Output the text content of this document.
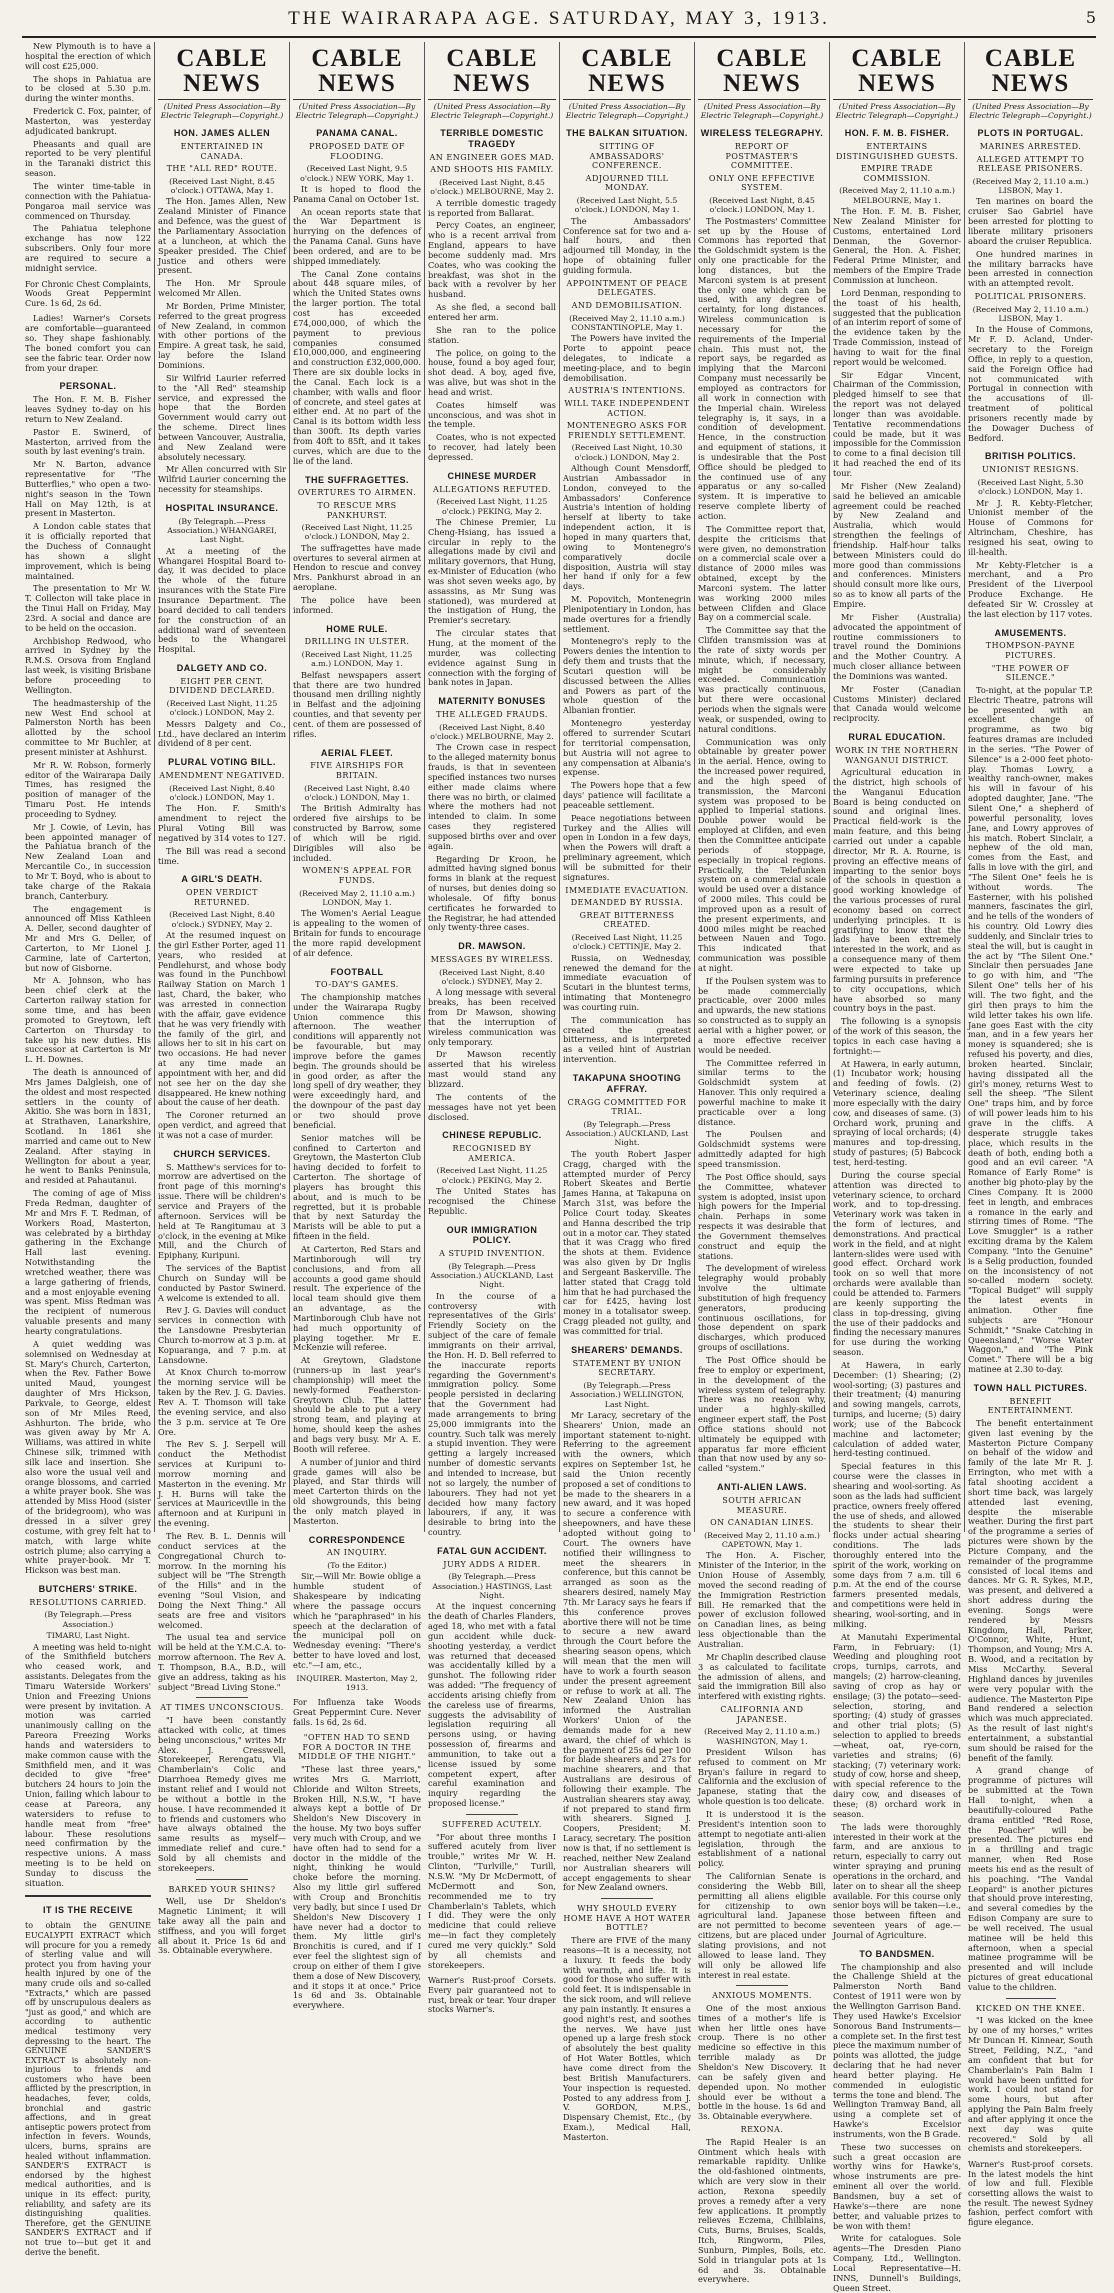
THE WAIRARAPA AGE. SATURDAY, MAY 3, 1913.	5

New Plymouth is to have a hospital the erection of which will cost £25,000.

The shops in Pahiatua are to be closed at 5.30 p.m. during the winter months.

Frederick C. Fox, painter, of Masterton, was yesterday adjudicated bankrupt.

Pheasants and quail are reported to be very plentiful in the Taranaki district this season.

The winter time-table in connection with the Pahiatua-Pongaroa mail service was commenced on Thursday.

The Pahiatua telephone exchange has now 122 subscribers. Only four more are required to secure a midnight service.

For Chronic Chest Complaints, Woods Great Peppermint Cure. 1s 6d, 2s 6d.

Ladies! Warner's Corsets are comfortable—guaranteed so. They shape fashionably. The boned comfort you can see the fabric tear. Order now from your draper.

PERSONAL.

The Hon. F. M. B. Fisher leaves Sydney to-day on his return to New Zealand.

Pastor E. Swinerd, of Masterton, arrived from the south by last evening's train.

Mr N. Barton, advance representative for "The Butterflies," who open a two-night's season in the Town Hall on May 12th, is at present in Masterton.

A London cable states that it is officially reported that the Duchess of Connaught has shown a slight improvement, which is being maintained.

The presentation to Mr W. T. Collecton will take place in the Tinui Hall on Friday, May 23rd. A social and dance are to be held on the occasion.

Archbishop Redwood, who arrived in Sydney by the R.M.S. Orsova from England last week, is visiting Brisbane before proceeding to Wellington.

The headmastership of the new West End school at Palmerston North has been allotted by the school committee to Mr Buchler, at present minister at Ashhurst.

Mr R. W. Robson, formerly editor of the Wairarapa Daily Times, has resigned the position of manager of the Timaru Post. He intends proceeding to Sydney.

Mr J. Cowie, of Levin, has been appointed manager of the Pahiatua branch of the New Zealand Loan and Mercantile Co., in succession to Mr T. Boyd, who is about to take charge of the Rakaia branch, Canterbury.

The engagement is announced off Miss Kathleen A. Deller, second daughter of Mr and Mrs G. Deller, of Carterton, to Mr Lionel J. Carmine, late of Carterton, but now of Gisborne.

Mr A. Johnson, who has been chief clerk at the Carterton railway station for some time, and has been promoted to Greytown, left Carterton on Thursday to take up his new duties. His successor at Carterton is Mr L. H. Downes.

The death is announced of Mrs James Dalgleish, one of the oldest and most respected settlers in the county of Akitio. She was born in 1831, at Strathaven, Lanarkshire, Scotland. In 1861 she married and came out to New Zealand. After staying in Wellington for about a year, he went to Banks Peninsula, and resided at Pahautanui.

The coming of age of Miss Freda Redman, daughter of Mr and Mrs F. T. Redman, of Workers Road, Masterton, was celebrated by a birthday gathering in the Exchange Hall last evening. Notwithstanding the wretched weather, there was a large gathering of friends, and a most enjoyable evening was spent. Miss Redman was the recipient of numerous valuable presents and many hearty congratulations.

A quiet wedding was solemnised on Wednesday at St. Mary's Church, Carterton, when the Rev. Father Bowe united Maud, youngest daughter of Mrs Hickson, Parkvale, to George, eldest son of Mr Miles Reed, Ashhurton. The bride, who was given away by Mr A. Williams, was attired in white Chinese silk, trimmed with silk lace and insertion. She also wore the usual veil and orange blossoms, and carried a white prayer book. She was attended by Miss Hood (sister of the bridegroom), who was dressed in a silver grey costume, with grey felt hat to match, with large white ostrich plume; also carrying a white prayer-book. Mr T. Hickson was best man.

BUTCHERS' STRIKE.
RESOLUTIONS CARRIED.
(By Telegraph.—Press Association.)
TIMARU, Last Night.

A meeting was held to-night of the Smithfield butchers who ceased work, and assistants. Delegates from the Timaru Waterside Workers' Union and Freezing Unions were present by invitation. A motion was carried unanimously calling on the Pareora Freezing Works hands and watersiders to make common cause with the Smithfield men, and it was decided to give "free" butchers 24 hours to join the Union, failing which labour to cease at Pareora, any watersiders to refuse to handle meat from "free" labour. These resolutions need confirmation by the respective unions. A mass meeting is to be held on Sunday to discuss the situation.

IT IS THE RECEIVE
to obtain the GENUINE EUCALYPTI EXTRACT which will procure for you a remedy of sterling value and will protect you from having your health injured by one of the many crude oils and so-called "Extracts," which are passed off by unscrupulous dealers as "just as good," and which are according to authentic medical testimony very depressing to the heart. The GENUINE SANDER'S EXTRACT is absolutely non-injurious to friends and customers who have been afflicted by the prescription, in headaches, fever, colds, bronchial and gastric affections, and in great antiseptic powers protect from infection in fevers. Wounds, ulcers, burns, sprains are healed without inflammation. SANDER'S EXTRACT is endorsed by the highest medical authorities, and is unique in its effect: purity, reliability, and safety are its distinguishing qualities. Therefore, get the GENUINE SANDER'S EXTRACT and if not true to—but get it and derive the benefit.
CABLE NEWS
(United Press Association—By Electric Telegraph—Copyright.)
HON. JAMES ALLEN
ENTERTAINED IN CANADA.
THE "ALL RED" ROUTE.
(Received Last Night, 8.45 o'clock.) OTTAWA, May 1.

The Hon. James Allen, New Zealand Minister of Finance and Defence, was the guest of the Parliamentary Association at a luncheon, at which the Speaker presided. The Chief Justice and others were present.

The Hon. Mr Sproule welcomed Mr Allen.

Mr Borden, Prime Minister, referred to the great progress of New Zealand, in common with other portions of the Empire. A great task, he said, lay before the Island Dominions.

Sir Wilfrid Laurier referred to the "All Red" steamship service, and expressed the hope that the Borden Government would carry out the scheme. Direct lines between Vancouver, Australia, and New Zealand were absolutely necessary.

Mr Allen concurred with Sir Wilfrid Laurier concerning the necessity for steamships.

HOSPITAL INSURANCE.
(By Telegraph.—Press Association.) WHANGAREI, Last Night.

At a meeting of the Whangarei Hospital Board to-day, it was decided to place the whole of the future insurances with the State Fire Insurance Department. The board decided to call tenders for the construction of an additional ward of seventeen beds to the Whangarei Hospital.

DALGETY AND CO.
EIGHT PER CENT. DIVIDEND DECLARED.
(Received Last Night, 11.25 o'clock.) LONDON, May 2.

Messrs Dalgety and Co., Ltd., have declared an interim dividend of 8 per cent.

PLURAL VOTING BILL.
AMENDMENT NEGATIVED.
(Received Last Night, 8.40 o'clock.) LONDON, May 1.

The Hon. F. Smith's amendment to reject the Plural Voting Bill was negatived by 314 votes to 127.

The Bill was read a second time.

A GIRL'S DEATH.
OPEN VERDICT RETURNED.
(Received Last Night, 8.40 o'clock.) SYDNEY, May 2.

At the resumed inquest on the girl Esther Porter, aged 11 years, who resided at Pendlehurst, and whose body was found in the Punchbowl Railway Station on March 1 last, Chard, the baker, who was arrested in connection with the affair, gave evidence that he was very friendly with the family of the girl, and allows her to sit in his cart on two occasions. He had never at any time made an appointment with her, and did not see her on the day she disappeared. He knew nothing about the cause of her death.

The Coroner returned an open verdict, and agreed that it was not a case of murder.

CHURCH SERVICES.

S. Matthew's services for to-morrow are advertised on the front page of this morning's issue. There will be children's service and Prayers of the afternoon. Services will be held at Te Rangitumau at 3 o'clock, in the evening at Mike Mill, and the Church of Epiphany, Kuripuni.

The services of the Baptist Church on Sunday will be conducted by Pastor Swinerd. A welcome is extended to all.

Rev J. G. Davies will conduct services in connection with the Lansdowne Presbyterian Church to-morrow at 3 p.m. at Kopuaranga, and 7 p.m. at Lansdowne.

At Knox Church to-morrow the morning service will be taken by the Rev. J. G. Davies. Rev A. T. Thomson will take the evening service, and also the 3 p.m. service at Te Ore Ore.

The Rev S. J. Serpell will conduct the Methodist services at Kuripuni to-morrow morning and Masterton in the evening. Mr J. H. Burns will take the services at Mauriceville in the afternoon and at Kuripuni in the evening.

The Rev. B. L. Dennis will conduct services at the Congregational Church to-morrow. In the morning his subject will be "The Strength of the Hills" and in the evening "Soul Vision, and Doing the Next Thing." All seats are free and visitors welcomed.

The usual tea and service will be held at the Y.M.C.A. to-morrow afternoon. The Rev A. T. Thompson, B.A., B.D., will give an address, taking as his subject "Bread Living Stone."

AT TIMES UNCONSCIOUS.

"I have been constantly attacked with colic, at times being unconscious," writes Mr Alex. J. Cresswell, Storekeeper, Rerengatu, Via Chamberlain's Colic and Diarrhoea Remedy gives me instant relief and I would not be without a bottle in the house. I have recommended it to friends and customers who have always obtained the same results as myself—immediate relief and cure." Sold by all chemists and storekeepers.

BARKED YOUR SHINS?

Well, use Dr Sheldon's Magnetic Liniment; it will take away all the pain and stiffness, and you will forget all about it. Price 1s 6d and 3s. Obtainable everywhere.

CABLE NEWS
(United Press Association—By Electric Telegraph—Copyright.)
PANAMA CANAL.
PROPOSED DATE OF FLOODING.
(Received Last Night, 9.5 o'clock.) NEW YORK, May 1.

It is hoped to flood the Panama Canal on October 1st.

An ocean reports state that the War Department is hurrying on the defences of the Panama Canal. Guns have been ordered, and are to be shipped immediately.

The Canal Zone contains about 448 square miles, of which the United States owns the larger portion. The total cost has exceeded £74,000,000, of which the payment to previous companies consumed £10,000,000, and engineering and construction £32,000,000. There are six double locks in the Canal. Each lock is a chamber, with walls and floor of concrete, and steel gates at either end. At no part of the Canal is its bottom width less than 300ft. Its depth varies from 40ft to 85ft, and it takes curves, which are due to the lie of the land.

THE SUFFRAGETTES.
OVERTURES TO AIRMEN.
TO RESCUE MRS PANKHURST.
(Received Last Night, 11.25 o'clock.) LONDON, May 2.

The suffragettes have made overtures to several airmen at Hendon to rescue and convey Mrs. Pankhurst abroad in an aeroplane.

The police have been informed.

HOME RULE.
DRILLING IN ULSTER.
(Received Last Night, 11.25 a.m.) LONDON, May 1.

Belfast newspapers assert that there are two hundred thousand men drilling nightly in Belfast and the adjoining counties, and that seventy per cent. of them are possessed of rifles.

AERIAL FLEET.
FIVE AIRSHIPS FOR BRITAIN.
(Received Last Night, 8.40 o'clock.) LONDON, May 1.

The British Admiralty has ordered five airships to be constructed by Barrow, some of which will be rigid. Dirigibles will also be included.

WOMEN'S APPEAL FOR FUNDS.
(Received May 2, 11.10 a.m.) LONDON, May 1.

The Women's Aerial League is appealing to the women of Britain for funds to encourage the more rapid development of air defence.

FOOTBALL
TO-DAY'S GAMES.

The championship matches under the Wairarapa Rugby Union commence this afternoon. The weather conditions will apparently not be favourable, but may improve before the games begin. The grounds should be in good order, as after the long spell of dry weather, they were exceedingly hard, and the downpour of the past day or two should prove beneficial.

Senior matches will be confined to Carterton and Greytown, the Masterton Club having decided to forfeit to Carterton. The shortage of players has brought this about, and is much to be regretted, but it is probable that by next Saturday the Marists will be able to put a fifteen in the field.

At Carterton, Red Stars and Martinborough will try conclusions, and from all accounts a good game should result. The experience of the local team should give them an advantage, as the Martinborough Club have not had much opportunity of playing together. Mr E. McKenzie will referee.

At Greytown, Gladstone (runners-up in last year's championship) will meet the newly-formed Featherston-Greytown Club. The latter should be able to put a very strong team, and playing at home, should keep the ashes and bags very busy. Mr A. E. Booth will referee.

A number of junior and third grade games will also be played, and Star thirds will meet Carterton thirds on the old showgrounds, this being the only match played in Masterton.

CORRESPONDENCE
AN INQUIRY.
(To the Editor.)

Sir,—Will Mr. Bowie oblige a humble student of Shakespeare by indicating where the passage occurs which he "paraphrased" in his speech at the declaration of the municipal poll on Wednesday evening: "There's better to have loved and lost, etc."—I am, etc.,

INQUIRER. Masterton, May 2, 1913.
For Influenza take Woods Great Peppermint Cure. Never fails. 1s 6d, 2s 6d.
"OFTEN HAD TO SEND FOR A DOCTOR IN THE MIDDLE OF THE NIGHT."

"These last three years," writes Mrs G. Marriott, Chloride and Wilton Streets, Broken Hill, N.S.W., "I have always kept a bottle of Dr Sheldon's New Discovery in the house. My two boys suffer very much with Croup, and we have often had to send for a doctor in the middle of the night, thinking he would choke before the morning. Also my little girl suffered with Croup and Bronchitis very badly, but since I used Dr Sheldon's New Discovery I have never had a doctor to them. My little girl's Bronchitis is cured, and if I ever feel the slightest sign of croup on either of them I give them a dose of New Discovery, and it stops it at once." Price 1s 6d and 3s. Obtainable everywhere.

CABLE NEWS
(United Press Association—By Electric Telegraph—Copyright.)
TERRIBLE DOMESTIC TRAGEDY
AN ENGINEER GOES MAD.
AND SHOOTS HIS FAMILY.
(Received Last Night, 8.45 o'clock.) MELBOURNE, May 2.

A terrible domestic tragedy is reported from Ballarat.

Percy Coates, an engineer, who is a recent arrival from England, appears to have become suddenly mad. Mrs Coates, who was cooking the breakfast, was shot in the back with a revolver by her husband.

As she fled, a second ball entered her arm.

She ran to the police station.

The police, on going to the house, found a boy aged four, shot dead. A boy, aged five, was alive, but was shot in the head and wrist.

Coates himself was unconscious, and was shot in the temple.

Coates, who is not expected to recover, had lately been depressed.

CHINESE MURDER
ALLEGATIONS REFUTED.
(Received Last Night, 11.25 o'clock.) PEKING, May 2.

The Chinese Premier, Lu Cheng-Hsiang, has issued a circular in reply to the allegations made by civil and military governors, that Hung, ex-Minister of Education (who was shot seven weeks ago, by assassins, as Mr Sung was stationed), was murdered at the instigation of Hung, the Premier's secretary.

The circular states that Hung, at the moment of the murder, was collecting evidence against Sung in connection with the forging of bank notes in Japan.

MATERNITY BONUSES
THE ALLEGED FRAUDS.
(Received Last Night, 8.40 o'clock.) MELBOURNE, May 2.

The Crown case in respect to the alleged maternity bonus frauds, is that in seventeen specified instances two nurses either made claims where there was no birth, or claimed where the mothers had not intended to claim. In some cases they registered supposed births over and over again.

Regarding Dr Kroon, he admitted having signed bonus forms in blank at the request of nurses, but denies doing so wholesale. Of fifty bonus certificates he forwarded to the Registrar, he had attended only twenty-three cases.

DR. MAWSON.
MESSAGES BY WIRELESS.
(Received Last Night, 8.40 o'clock.) SYDNEY, May 2.

A long message with several breaks, has been received from Dr Mawson, showing that the interruption of wireless communication was only temporary.

Dr Mawson recently asserted that his wireless mast would stand any blizzard.

The contents of the messages have not yet been disclosed.

CHINESE REPUBLIC.
RECOGNISED BY AMERICA.
(Received Last Night, 11.25 o'clock.) PEKING, May 2.

The United States has recognised the Chinese Republic.

OUR IMMIGRATION POLICY.
A STUPID INVENTION.
(By Telegraph.—Press Association.) AUCKLAND, Last Night.

In the course of a controversy with representatives of the Girls' Friendly Society on the subject of the care of female immigrants on their arrival, the Hon. H. D. Bell referred to the inaccurate reports regarding the Government's immigration policy. Some people persisted in declaring that the Government had made arrangements to bring 25,000 immigrants into the country. Such talk was merely a stupid invention. They were getting a largely increased number of domestic servants and intended to increase, but not so largely, the number of labourers. They had not yet decided how many factory labourers, if any, it was desirable to bring into the country.

FATAL GUN ACCIDENT.
JURY ADDS A RIDER.
(By Telegraph.—Press Association.) HASTINGS, Last Night.

At the inquest concerning the death of Charles Flanders, aged 18, who met with a fatal gun accident while duck-shooting yesterday, a verdict was returned that deceased was accidentally killed by a gunshot. The following rider was added: "The frequency of accidents arising chiefly from the careless use of firearms, suggests the advisability of legislation requiring all persons using, or having possession of, firearms and ammunition, to take out a license issued by some competent expert, after careful examination and inquiry regarding the proposed license."

SUFFERED ACUTELY.

"For about three months I suffered acutely from liver trouble," writes Mr W. H. Clinton, "Turlville," Turill, N.S.W. "My Dr McDermott, of McDermott and Son, recommended me to try Chamberlain's Tablets, which I did. They were the only medicine that could relieve me—in fact they completely cured me very quickly." Sold by all chemists and storekeepers.

Warner's Rust-proof Corsets. Every pair guaranteed not to rust, break or tear. Your draper stocks Warner's.
CABLE NEWS
(United Press Association—By Electric Telegraph—Copyright.)
THE BALKAN SITUATION.
SITTING OF AMBASSADORS' CONFERENCE.
ADJOURNED TILL MONDAY.
(Received Last Night, 5.5 o'clock.) LONDON, May 1.

The Ambassadors' Conference sat for two and a-half hours, and then adjourned till Monday, in the hope of obtaining fuller guiding formula.

APPOINTMENT OF PEACE DELEGATES.
AND DEMOBILISATION.
(Received May 2, 11.10 a.m.) CONSTANTINOPLE, May 1.

The Powers have invited the Porte to appoint peace delegates, to indicate a meeting-place, and to begin demobilisation.

AUSTRIA'S INTENTIONS.
WILL TAKE INDEPENDENT ACTION.
MONTENEGRO ASKS FOR FRIENDLY SETTLEMENT.
(Received Last Night, 10.30 o'clock.) LONDON, May 2.

Although Count Mensdorff, Austrian Ambassador in London, conveyed to the Ambassadors' Conference Austria's intention of holding herself at liberty to take independent action, it is hoped in many quarters that, owing to Montenegro's comparatively docile disposition, Austria will stay her hand if only for a few days.

M. Popovitch, Montenegrin Plenipotentiary in London, has made overtures for a friendly settlement.

Montenegro's reply to the Powers denies the intention to defy them and trusts that the Scutari question will be discussed between the Allies and Powers as part of the whole question of the Albanian frontier.

Montenegro yesterday offered to surrender Scutari for territorial compensation, but Austria will not agree to any compensation at Albania's expense.

The Powers hope that a few days' patience will facilitate a peaceable settlement.

Peace negotiations between Turkey and the Allies will open in London in a few days, when the Powers will draft a preliminary agreement, which will be submitted for their signatures.

IMMEDIATE EVACUATION.
DEMANDED BY RUSSIA.
GREAT BITTERNESS CREATED.
(Received Last Night, 11.25 o'clock.) CETTINJE, May 2.

Russia, on Wednesday, renewed the demand for the immediate evacuation of Scutari in the bluntest terms, intimating that Montenegro was courting ruin.

The communication has created the greatest bitterness, and is interpreted as a veiled hint of Austrian intervention.

TAKAPUNA SHOOTING AFFRAY.
CRAGG COMMITTED FOR TRIAL.
(By Telegraph.—Press Association.) AUCKLAND, Last Night.

The youth Robert Jasper Cragg, charged with the attempted murder of Percy Robert Skeates and Bertie James Hanna, at Takapuna on March 31st, was before the Police Court today. Skeates and Hanna described the trip out in a motor car. They stated that it was Cragg who fired the shots at them. Evidence was also given by Dr Inglis and Sergeant Baskerville. The latter stated that Cragg told him that he had purchased the car for £425, having lost money in a totalisator sweep. Cragg pleaded not guilty, and was committed for trial.

SHEARERS' DEMANDS.
STATEMENT BY UNION SECRETARY.
(By Telegraph.—Press Association.) WELLINGTON, Last Night.

Mr Laracy, secretary of the Shearers' Union, made an important statement to-night. Referring to the agreement with the owners, which expires on September 1st, he said the Union recently proposed a set of conditions to be made to the shearers in a new award, and it was hoped to secure a conference with sheepowners, and have these adopted without going to Court. The owners have notified their willingness to meet the shearers in conference, but this cannot be arranged as soon as the shearers desired, namely May 7th. Mr Laracy says he fears if this conference proves abortive there will not be time to secure a new award through the Court before the shearing season opens, which will mean that the men will have to work a fourth season under the present agreement or refuse to work at all. The New Zealand Union has informed the Australian Workers' Union of the demands made for a new award, the chief of which is the payment of 25s 6d per 100 for blade shearers and 27s for machine shearers, and that Australians are desirous of following their example. The Australian shearers stay away, if not prepared to stand firm with shearers. Signed J. Coopers, President; M. Laracy, secretary. The position now is that, if no settlement is reached, neither New Zealand nor Australian shearers will accept engagements to shear for New Zealand owners.

WHY SHOULD EVERY HOME HAVE A HOT WATER BOTTLE?

There are FIVE of the many reasons—It is a necessity, not a luxury. It feeds the body with warmth, and life. It is good for those who suffer with cold feet. It is indispensable in the sick room, and will relieve any pain instantly. It ensures a good night's rest, and soothes the nerves. We have just opened up a large fresh stock of absolutely the best quality of Hot Water Bottles, which have come direct from the best British Manufacturers. Your inspection is requested. Posted to any address from J. V. GORDON, M.P.S., Dispensary Chemist, Etc., (by Exam.), Medical Hall, Masterton.

CABLE NEWS
(United Press Association—By Electric Telegraph—Copyright.)
WIRELESS TELEGRAPHY.
REPORT OF POSTMASTER'S COMMITTEE.
ONLY ONE EFFECTIVE SYSTEM.
(Received Last Night, 8.45 o'clock.) LONDON, May 1.

The Postmasters' Committee set up by the House of Commons has reported that the Goldschmidt system is the only one practicable for the long distances, but the Marconi system is at present the only one which can be used, with any degree of certainty, for long distances. Wireless communication is necessary for the requirements of the Imperial chain. This must not, the report says, be regarded as implying that the Marconi Company must necessarily be employed as contractors for all work in connection with the Imperial chain. Wireless telegraphy is, it says, in a condition of development. Hence, in the construction and equipment of stations, it is undesirable that the Post Office should be pledged to the continued use of any apparatus or any so-called system. It is imperative to reserve complete liberty of action.

The Committee report that, despite the criticisms that were given, no demonstration on a commercial scale over a distance of 2000 miles was obtained, except by the Marconi system. The latter was working 2000 miles between Clifden and Glace Bay on a commercial scale.

The Committee say that the Clifden transmission was at the rate of sixty words per minute, which, if necessary, might be considerably exceeded. Communication was practically continuous, but there were occasional periods when the signals were weak, or suspended, owing to natural conditions.

Communication was only obtainable by greater power in the aerial. Hence, owing to the increased power required, and the high speed of transmission, the Marconi system was proposed to be applied to Imperial stations. Double power would be employed at Clifden, and even then the Committee anticipate periods of stoppage, especially in tropical regions. Practically, the Telefunken system on a commercial scale would be used over a distance of 2000 miles. This could be improved upon as a result of the present experiments, and 4000 miles might be reached between Nauen and Togo. This indicated that communication was possible at night.

If the Poulsen system was to be made commercially practicable, over 2000 miles and upwards, the new stations so constructed as to supply an aerial with a higher power, or a more effective receiver would be needed.

The Committee referred in similar terms to the Goldschmidt system at Hanover. This only required a powerful machine to make it practicable over a long distance.

The Poulsen and Goldschmidt systems were admittedly adapted for high speed transmission.

The Post Office should, says the Committee, whatever system is adopted, insist upon high powers for the Imperial chain. Perhaps in some respects it was desirable that the Government themselves construct and equip the stations.

The development of wireless telegraphy would probably involve the ultimate substitution of high frequency generators, producing continuous oscillations, for those dependent on spark discharges, which produced groups of oscillations.

The Post Office should be free to employ or experiment, in the development of the wireless system of telegraphy. There was no reason why, under a highly-skilled engineer expert staff, the Post Office stations should not ultimately be equipped with apparatus far more efficient than that now used by any so-called "system."

ANTI-ALIEN LAWS.
SOUTH AFRICAN MEASURE.
ON CANADIAN LINES.
(Received May 2, 11.10 a.m.) CAPETOWN, May 1.

The Hon. A. Fischer, Minister of the Interior, in the Union House of Assembly, moved the second reading of the Immigration Restriction Bill. He remarked that the power of exclusion followed on Canadian lines, as being less objectionable than the Australian.

Mr Chaplin described clause 3 as calculated to facilitate the admission of aliens, and said the immigration Bill also interfered with existing rights.

CALIFORNIA AND JAPANESE.
(Received May 2, 11.10 a.m.) WASHINGTON, May 1.

President Wilson has refused to comment on Mr Bryan's failure in regard to California and the exclusion of Japanese, stating that the whole question is too delicate.

It is understood it is the President's intention soon to attempt to negotiate anti-alien legislation, through the establishment of a national policy.

The Californian Senate is considering the Webb Bill, permitting all aliens eligible for citizenship to own agricultural land. Japanese are not permitted to become citizens, but are placed under slating provisions, and not allowed to lease land. They will only be allowed life interest in real estate.

ANXIOUS MOMENTS.

One of the most anxious times of a mother's life is when her little ones have croup. There is no other medicine so effective in this terrible malady as Dr Sheldon's New Discovery. It can be safely given and depended upon. No mother should ever be without a bottle in the house. 1s 6d and 3s. Obtainable everywhere.

REXONA.

The Rapid Healer is an Ointment which heals with remarkable rapidity. Unlike the old-fashioned ointments, which are very slow in their action, Rexona speedily proves a remedy after a very few applications. It promptly relieves Eczema, Chilblains, Cuts, Burns, Bruises, Scalds, Itch, Ringworm, Piles, Sunburn, Pimples, Boils, etc. Sold in triangular pots at 1s 6d and 3s. Obtainable everywhere.

CABLE NEWS
(United Press Association—By Electric Telegraph—Copyright.)
HON. F. M. B. FISHER.
ENTERTAINS DISTINGUISHED GUESTS.
EMPIRE TRADE COMMISSION.
(Received May 2, 11.10 a.m.) MELBOURNE, May 1.

The Hon. F. M. B. Fisher, New Zealand Minister for Customs, entertained Lord Denman, the Governor-General, the Hon. A. Fisher, Federal Prime Minister, and members of the Empire Trade Commission at luncheon.

Lord Denman, responding to the toast of his health, suggested that the publication of an interim report of some of the evidence taken by the Trade Commission, instead of having to wait for the final report would be welcomed.

Sir Edgar Vincent, Chairman of the Commission, pledged himself to see that the report was not delayed longer than was avoidable. Tentative recommendations could be made, but it was impossible for the Commission to come to a final decision till it had reached the end of its tour.

Mr Fisher (New Zealand) said he believed an amicable agreement could be reached by New Zealand and Australia, which would strengthen the feelings of friendship. Half-hour talks between Ministers could do more good than commissions and conferences. Ministers should consult more like ours, so as to know all parts of the Empire.

Mr Fisher (Australia) advocated the appointment of routine commissioners to travel round the Dominions and the Mother Country. A much closer alliance between the Dominions was wanted.

Mr Foster (Canadian Customs Minister) declared that Canada would welcome reciprocity.

RURAL EDUCATION.
WORK IN THE NORTHERN WANGANUI DISTRICT.

Agricultural education in the district, high schools of the Wanganui Education Board is being conducted on sound and original lines. Practical field-work is the main feature, and this being carried out under a capable director, Mr R. A. Rourne, is proving an effective means of imparting to the senior boys of the schools in question a good working knowledge of the various processes of rural economy based on correct underlying principles. It is gratifying to know that the lads have been extremely interested in the work, and as a consequence many of them were expected to take up farming pursuits in preference to city occupations, which have absorbed so many country boys in the past.

The following is a synopsis of the work of this season, the topics in each case having a fortnight:—

At Hawera, in early autumn, (1) Incubator work; housing and feeding of fowls. (2) Veterinary science, dealing more especially with the dairy cow, and diseases of same. (3) Orchard work, pruning and spraying of local orchards; (4) manures and top-dressing, study of pastures; (5) Babcock test, herd-testing.

During the course special attention was directed to veterinary science, to orchard work, and to top-dressing. Veterinary work was taken in the form of lectures, and demonstrations. And practical work in the field, and at night lantern-slides were used with good effect. Orchard work took on so well that more orchards were available than could be attended to. Farmers are keenly supporting the class in top-dressing, giving the use of their paddocks and finding the necessary manures for use during the working season.

At Hawera, in early December: (1) Shearing; (2) wool-sorting; (3) pastures and their treatment; (4) manuring and sowing mangels, carrots, turnips, and lucerne; (5) dairy work; use of the Babcock machine and lactometer; calculation of added water, herd-testing continued.

Special features in this course were the classes in shearing and wool-sorting. As soon as the lads had sufficient practice, owners freely offered the use of sheds, and allowed the students to shear their flocks under actual shearing conditions. The lads thoroughly entered into the spirit of the work, working on some days from 7 a.m. till 6 p.m. At the end of the course farmers presented medals, and competitions were held in shearing, wool-sorting, and in milking.

At Manutahi Experimental Farm, in February: (1) Weeding and ploughing root crops, turnips, carrots, and mangels; (2) harrow-cleaning, saving of crop as hay or ensilage; (3) the potato—seed-selection, storing, and sporting; (4) study of grasses and other trial plots; (5) selection to applied to breeds—wheat, oat, rye-corn, varieties and strains; (6) stacking; (7) veterinary work: study of cow, horse and sheep, with special reference to the dairy cow, and diseases of these; (8) orchard work in season.

The lads were thoroughly interested in their work at the farm, and are anxious to return, especially to carry out winter spraying and pruning operations in the orchard, and later on to shear all the sheep available. For this course only senior boys will be taken—i.e., those between fifteen and seventeen years of age.—Journal of Agriculture.

TO BANDSMEN.

The championship and also the Challenge Shield at the Palmerston North Band Contest of 1911 were won by the Wellington Garrison Band. They used Hawke's Excelsior Sonorous Band Instruments—a complete set. In the first test piece the maximum number of points was allotted, the judge declaring that he had never heard better playing. He commended in eulogistic terms the tone and blend. The Wellington Tramway Band, all using a complete set of Hawke's Excelsior instruments, won the B Grade.

These two successes on such a great occasion are worthy wins for Hawke's, whose instruments are pre-eminent all over the world. Bandsmen, buy a set of Hawke's—there are none better, and valuable prizes to be won with them!

Write for catalogues. Sole agents—The Dresden Piano Company, Ltd., Wellington. Local Representative—H. INNS, Dunnell's Buildings, Queen Street.

CABLE NEWS
(United Press Association—By Electric Telegraph—Copyright.)
PLOTS IN PORTUGAL.
MARINES ARRESTED.
ALLEGED ATTEMPT TO RELEASE PRISONERS.
(Received May 2, 11.10 a.m.) LISBON, May 1.

Ten marines on board the cruiser Sao Gabriel have been arrested for plotting to liberate military prisoners aboard the cruiser Republica.

One hundred marines in the military barracks have been arrested in connection with an attempted revolt.

POLITICAL PRISONERS.
(Received May 2, 11.10 a.m.) LISBON, May 1.

In the House of Commons, Mr F. D. Acland, Under-secretary to the Foreign Office, in reply to a question, said the Foreign Office had not communicated with Portugal in connection with the accusations of ill-treatment of political prisoners recently made by the Dowager Duchess of Bedford.

BRITISH POLITICS.
UNIONIST RESIGNS.
(Received Last Night, 5.30 o'clock.) LONDON, May 1.

Mr J. R. Kebty-Fletcher, Unionist member of the House of Commons for Altrincham, Cheshire, has resigned his seat, owing to ill-health.

Mr Kebty-Fletcher is a merchant, and a Pro President of the Liverpool Produce Exchange. He defeated Sir W. Crossley at the last election by 117 votes.

AMUSEMENTS.
THOMPSON-PAYNE PICTURES.
"THE POWER OF SILENCE."

To-night, at the popular T.P. Electric Theatre, patrons will be presented with an excellent change of programme, as two big features dramas are included in the series. "The Power of Silence" is a 2-000 feet photo-play. Thomas Lowry, a wealthy ranch-owner, makes his will in favour of his adopted daughter, Jane. "The Silent One," a shepherd of powerful personality, loves Jane, and Lowry approves of his match. Robert Sinclair, a nephew of the old man, comes from the East, and falls in love with the girl, and "The Silent One" feels he is without words. The Easterner, with his polished manners, fascinates the girl, and he tells of the wonders of his country. Old Lowry dies suddenly, and Sinclair tries to steal the will, but is caught in the act by "The Silent One." Sinclair then persuades Jane to go with him, and "The Silent One" tells her of his will. The two fight, and the girl then prays to him the wild letter takes his own life. Jane goes East with the city man, and in a few years her money is squandered; she is refused his poverty, and dies, broken hearted. Sinclair, having dissipated all the girl's money, returns West to sell the sheep. "The Silent One" traps him, and by force of will power leads him to his grave in the cliffs. A desperate struggle takes place, which results in the death of both, ending both a good and an evil career. "A Romance of Early Rome" is another big photo-play by the Cines Company. It is 2000 feet in length, and embraces a romance in the early and stirring times of Rome. "The Love Smuggler" is a rather exciting drama by the Kalem Company. "Into the Genuine" is a Selig production, founded on the inconsistency of not so-called modern society. "Topical Budget" will supply the latest events in animation. Other fine subjects are "Honour Schmidt," "Snake Catching in Queensland," "Worse Water Waggon," and "The Pink Comet." There will be a big matinee at 2.30 to-day.

TOWN HALL PICTURES.
BENEFIT ENTERTAINMENT.

The benefit entertainment given last evening by the Masterton Picture Company on behalf of the widow and family of the late Mr R. J. Errington, who met with a fatal shooting accident a short time back, was largely attended last evening, despite the miserable weather. During the first part of the programme a series of pictures were shown by the Picture Company, and the remainder of the programme consisted of local items and dances. Mr G. R. Sykes, M.P., was present, and delivered a short address during the evening. Songs were rendered by Messrs Kingdom, Hall, Parker, O'Connor, White, Hunt, Thompson, and Young; Mrs A. B. Wood, and a recitation by Miss McCarthy. Several Highland dances by juveniles were very popular with the audience. The Masterton Pipe Band rendered a selection which was much appreciated. As the result of last night's entertainment, a substantial sum should be raised for the benefit of the family.

A grand change of programme of pictures will be submitted at the Town Hall to-night, when a beautifully-coloured Pathe drama entitled "Red Rose, the Poacher" will be presented. The pictures end in a thrilling and tragic manner, when Red Rose meets his end as the result of his poaching. "The Vandal Leopard" is another pictures that should prove interesting, and several comedies by the Edison Company are sure to be well received. The usual matinee will be held this afternoon, when a special matinee programme will be presented and will include pictures of great educational value to the children.

KICKED ON THE KNEE.

"I was kicked on the knee by one of my horses," writes Mr Duncan H. Kinnear, South Street, Feilding, N.Z., "and am confident that but for Chamberlain's Pain Balm I would have been unfitted for work. I could not stand for some hours, but after applying the Pain Balm freely and after applying it once the next day was quite recovered." Sold by all chemists and storekeepers.

Warner's Rust-proof corsets. In the latest models the hint of low and full. Flexible corsetting allows the waist to the result. The newest Sydney fashion, perfect comfort with figure elegance.
